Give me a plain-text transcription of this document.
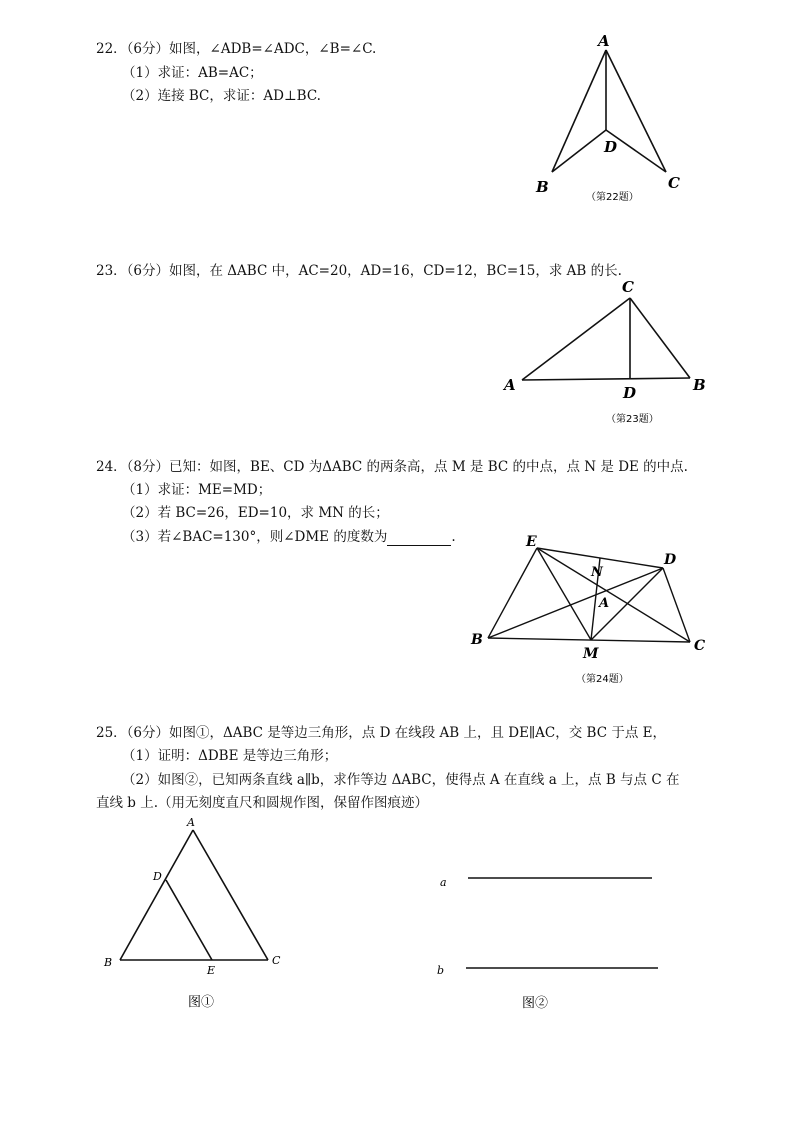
22．（6分）如图，∠ADB=∠ADC，∠B=∠C.
（1）求证：AB=AC；
（2）连接 BC，求证：AD⊥BC.
A
D
B	C
（第22题）
23．（6分）如图，在 ΔABC 中，AC=20，AD=16，CD=12，BC=15，求 AB 的长.
C
A	D	B
（第23题）
24．（8分）已知：如图，BE、CD 为ΔABC 的两条高，点 M 是 BC 的中点，点 N 是 DE 的中点.
（1）求证：ME=MD；
（2）若 BC=26，ED=10，求 MN 的长；
（3）若∠BAC=130°，则∠DME 的度数为	.	E
D
N
A
B	C
M
（第24题）
25．（6分）如图①，ΔABC 是等边三角形，点 D 在线段 AB 上，且 DE∥AC，交 BC 于点 E，
（1）证明：ΔDBE 是等边三角形；
（2）如图②，已知两条直线 a∥b，求作等边 ΔABC，使得点 A 在直线 a 上，点 B 与点 C 在
直线 b 上.（用无刻度直尺和圆规作图，保留作图痕迹）
A
D
B	C
E
图①
a
b
图②
